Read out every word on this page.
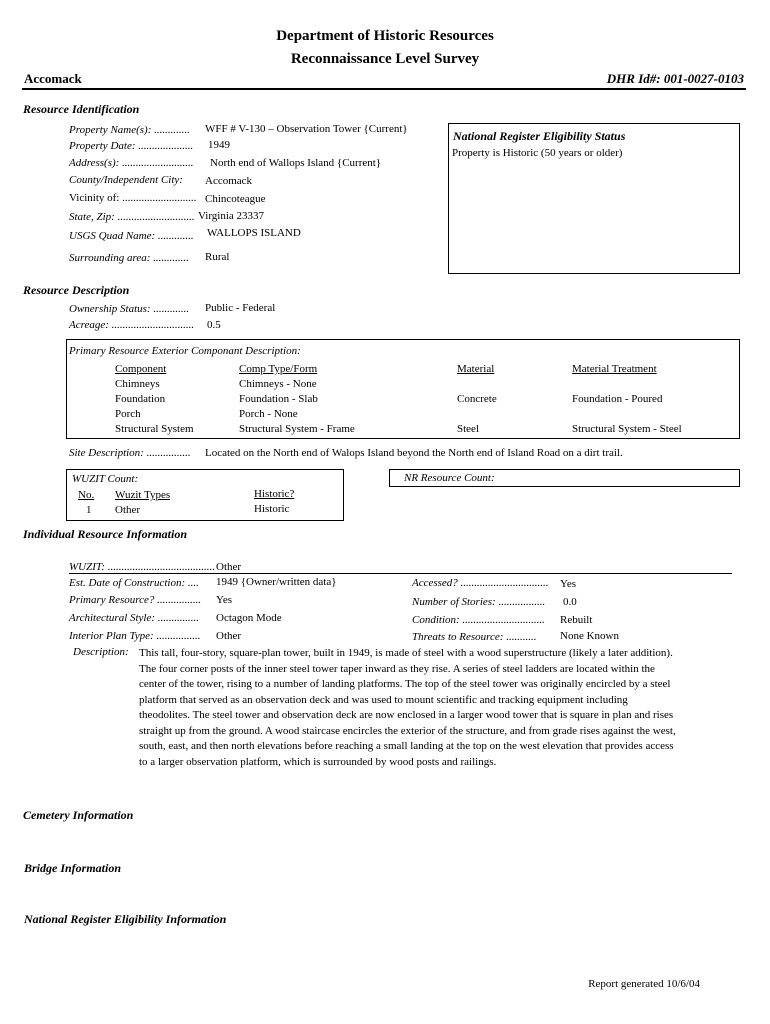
Department of Historic Resources
Reconnaissance Level Survey
Accomack	DHR Id#: 001-0027-0103
Resource Identification
Property Name(s): ............. WFF # V-130 – Observation Tower {Current}
Property Date: .................... 1949
Address(s): .......................... North end of Wallops Island {Current}
County/Independent City: Accomack
Vicinity of: ........................... Chincoteague
State, Zip: ............................ Virginia 23337
USGS Quad Name: ............. WALLOPS ISLAND
Surrounding area: ............. Rural
National Register Eligibility Status
Property is Historic (50 years or older)
Resource Description
Ownership Status: ............. Public - Federal
Acreage: .............................. 0.5
Primary Resource Exterior Componant Description:
Component	Comp Type/Form	Material	Material Treatment
Chimneys	Chimneys - None
Foundation	Foundation - Slab	Concrete	Foundation - Poured
Porch	Porch - None
Structural System	Structural System - Frame	Steel	Structural System - Steel
Site Description: ................ Located on the North end of Walops Island beyond the North end of Island Road on a dirt trail.
WUZIT Count:
No. Wuzit Types	Historic?
1 Other	Historic
NR Resource Count:
Individual Resource Information
WUZIT: ....................................... Other
Est. Date of Construction: .... 1949 {Owner/written data}
Primary Resource? ................ Yes
Architectural Style: ............... Octagon Mode
Interior Plan Type: ................ Other
Accessed? ................................ Yes
Number of Stories: ................. 0.0
Condition: .............................. Rebuilt
Threats to Resource: ........... None Known
Description: This tall, four-story, square-plan tower, built in 1949, is made of steel with a wood superstructure (likely a later addition). The four corner posts of the inner steel tower taper inward as they rise. A series of steel ladders are located within the center of the tower, rising to a number of landing platforms. The top of the steel tower was originally encircled by a steel platform that served as an observation deck and was used to mount scientific and tracking equipment including theodolites. The steel tower and observation deck are now enclosed in a larger wood tower that is square in plan and rises straight up from the ground. A wood staircase encircles the exterior of the structure, and from grade rises against the west, south, east, and then north elevations before reaching a small landing at the top on the west elevation that provides access to a larger observation platform, which is surrounded by wood posts and railings.
Cemetery Information
Bridge Information
National Register Eligibility Information
Report generated 10/6/04
